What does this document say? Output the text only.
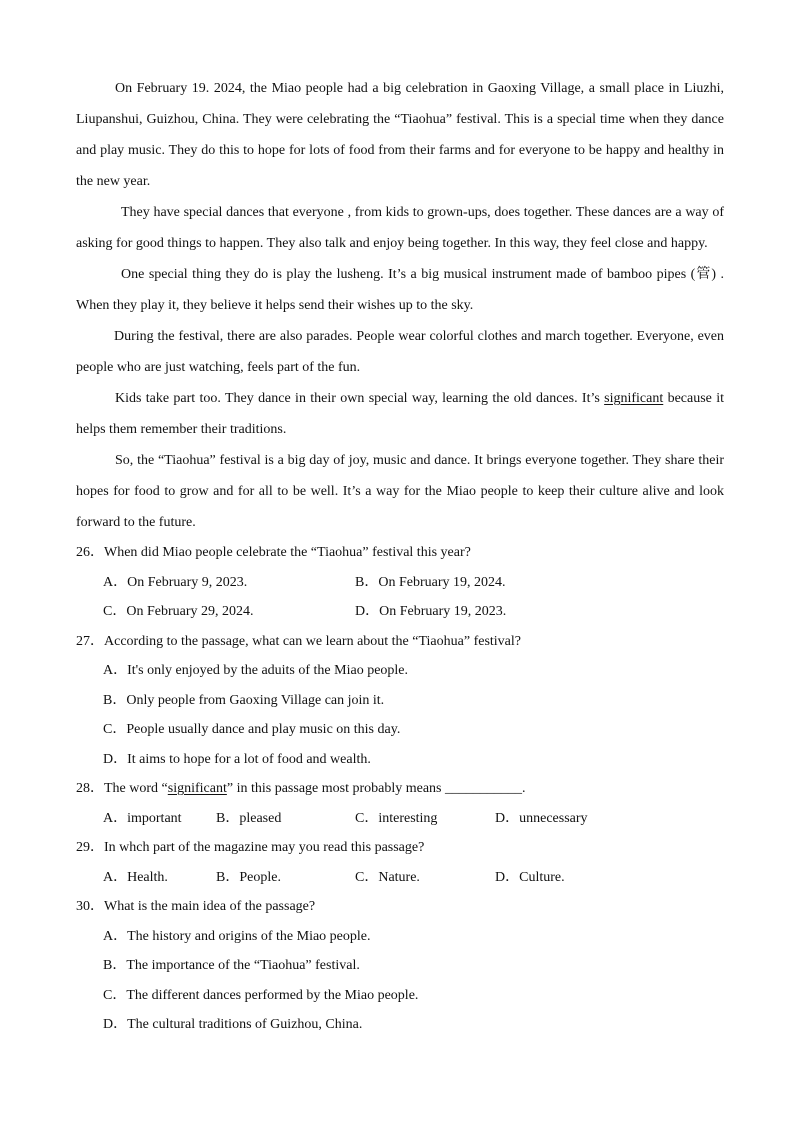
On February 19. 2024, the Miao people had a big celebration in Gaoxing Village, a small place in Liuzhi, Liupanshui, Guizhou, China. They were celebrating the “Tiaohua” festival. This is a special time when they dance and play music. They do this to hope for lots of food from their farms and for everyone to be happy and healthy in the new year.

They have special dances that everyone , from kids to grown-ups, does together. These dances are a way of asking for good things to happen. They also talk and enjoy being together. In this way, they feel close and happy.

One special thing they do is play the lusheng. It’s a big musical instrument made of bamboo pipes (管) . When they play it, they believe it helps send their wishes up to the sky.

During the festival, there are also parades. People wear colorful clothes and march together. Everyone, even people who are just watching, feels part of the fun.

Kids take part too. They dance in their own special way, learning the old dances. It’s significant because it helps them remember their traditions.

So, the “Tiaohua” festival is a big day of joy, music and dance. It brings everyone together. They share their hopes for food to grow and for all to be well. It’s a way for the Miao people to keep their culture alive and look forward to the future.

26．When did Miao people celebrate the “Tiaohua” festival this year?
A．On February 9, 2023.	B．On February 19, 2024.
C．On February 29, 2024.	D．On February 19, 2023.
27．According to the passage, what can we learn about the “Tiaohua” festival?
A．It's only enjoyed by the aduits of the Miao people.
B．Only people from Gaoxing Village can join it.
C．People usually dance and play music on this day.
D．It aims to hope for a lot of food and wealth.
28．The word “significant” in this passage most probably means ___________.
A．important B．pleased	C．interesting	D．unnecessary
29．In whch part of the magazine may you read this passage?
A．Health.	B．People.	C．Nature.	D．Culture.
30．What is the main idea of the passage?
A．The history and origins of the Miao people.
B．The importance of the “Tiaohua” festival.
C．The different dances performed by the Miao people.
D．The cultural traditions of Guizhou, China.
